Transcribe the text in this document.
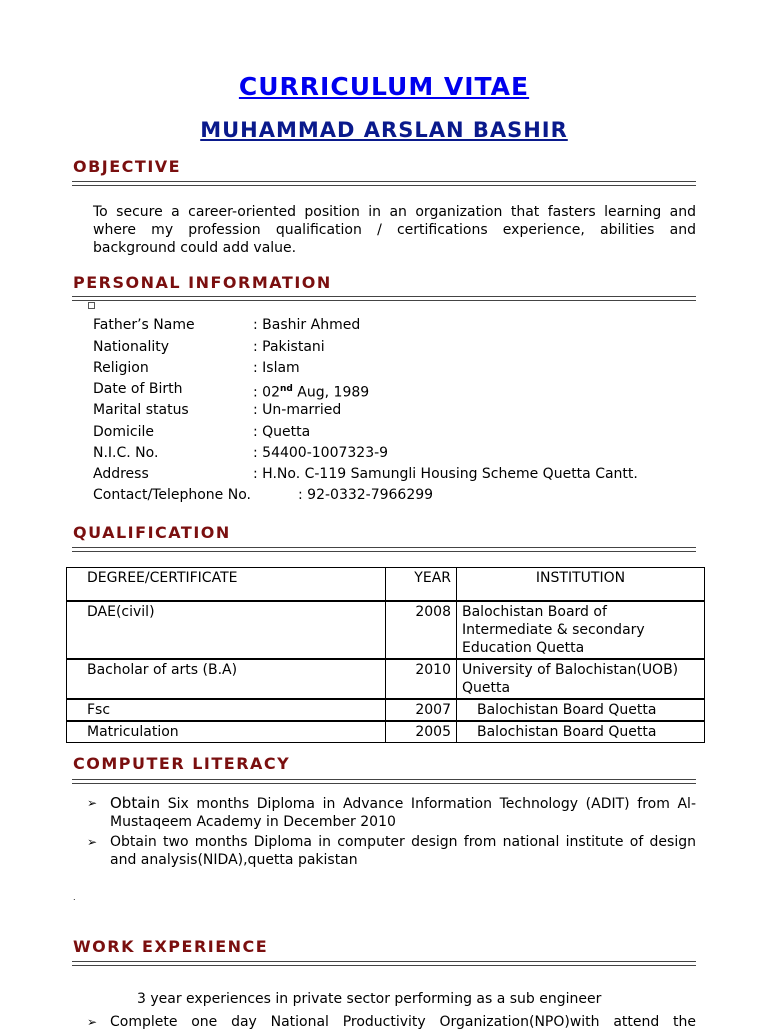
CURRICULUM VITAE
MUHAMMAD ARSLAN BASHIR
OBJECTIVE

To secure a career-oriented position in an organization that fasters learning and where my profession qualification / certifications experience, abilities and background could add value.

PERSONAL INFORMATION
Father’s Name	: Bashir Ahmed
Nationality	: Pakistani
Religion	: Islam
Date of Birth	: 02nd Aug, 1989
Marital status	: Un-married
Domicile	: Quetta
N.I.C. No.	: 54400-1007323-9
Address	: H.No. C-119 Samungli Housing Scheme Quetta Cantt.
Contact/Telephone No.	: 92-0332-7966299
QUALIFICATION
DEGREE/CERTIFICATE	YEAR	INSTITUTION
DAE(civil)	2008	Balochistan Board of Intermediate & secondary Education Quetta
Bacholar of arts (B.A)	2010	University of Balochistan(UOB) Quetta
Fsc	2007	Balochistan Board Quetta
Matriculation	2005	Balochistan Board Quetta
COMPUTER LITERACY
➢ Obtain Six months Diploma in Advance Information Technology (ADIT) from Al-Mustaqeem Academy in December 2010
➢ Obtain two months Diploma in computer design from national institute of design and analysis(NIDA),quetta pakistan
.
WORK EXPERIENCE
3 year experiences in private sector performing as a sub engineer
➢ Complete one day National Productivity Organization(NPO)with attend the
